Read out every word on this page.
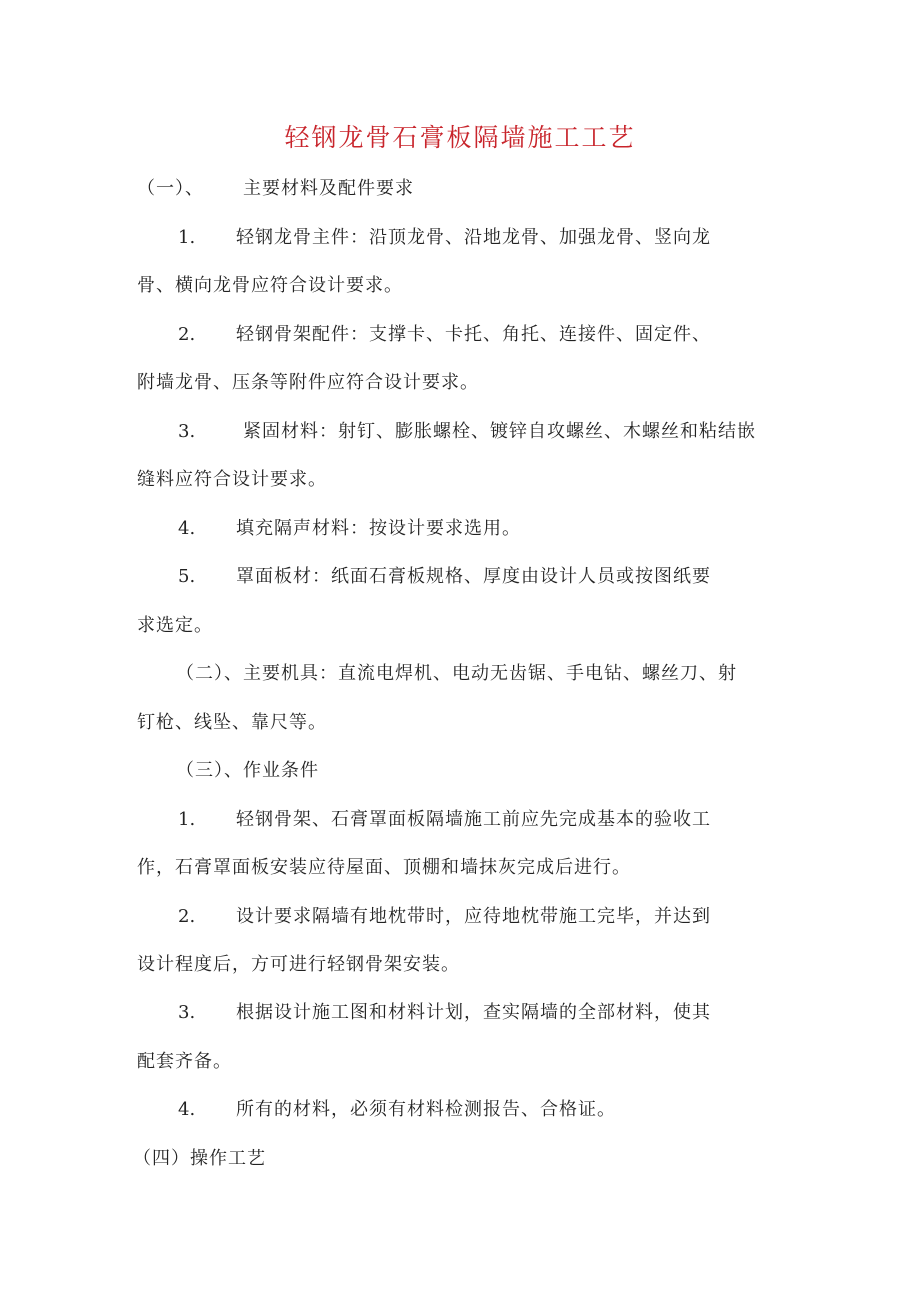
轻钢龙骨石膏板隔墙施工工艺
（一）、 主要材料及配件要求
1. 轻钢龙骨主件：沿顶龙骨、沿地龙骨、加强龙骨、竖向龙
骨、横向龙骨应符合设计要求。
2. 轻钢骨架配件：支撑卡、卡托、角托、连接件、固定件、
附墙龙骨、压条等附件应符合设计要求。
3.	紧固材料：射钉、膨胀螺栓、镀锌自攻螺丝、木螺丝和粘结嵌
缝料应符合设计要求。
4. 填充隔声材料：按设计要求选用。
5. 罩面板材：纸面石膏板规格、厚度由设计人员或按图纸要
求选定。
（二）、主要机具：直流电焊机、电动无齿锯、手电钻、螺丝刀、射
钉枪、线坠、靠尺等。
（三）、作业条件
1. 轻钢骨架、石膏罩面板隔墙施工前应先完成基本的验收工
作，石膏罩面板安装应待屋面、顶棚和墙抹灰完成后进行。
2. 设计要求隔墙有地枕带时，应待地枕带施工完毕，并达到
设计程度后，方可进行轻钢骨架安装。
3. 根据设计施工图和材料计划，查实隔墙的全部材料，使其
配套齐备。
4. 所有的材料，必须有材料检测报告、合格证。
（四）操作工艺
